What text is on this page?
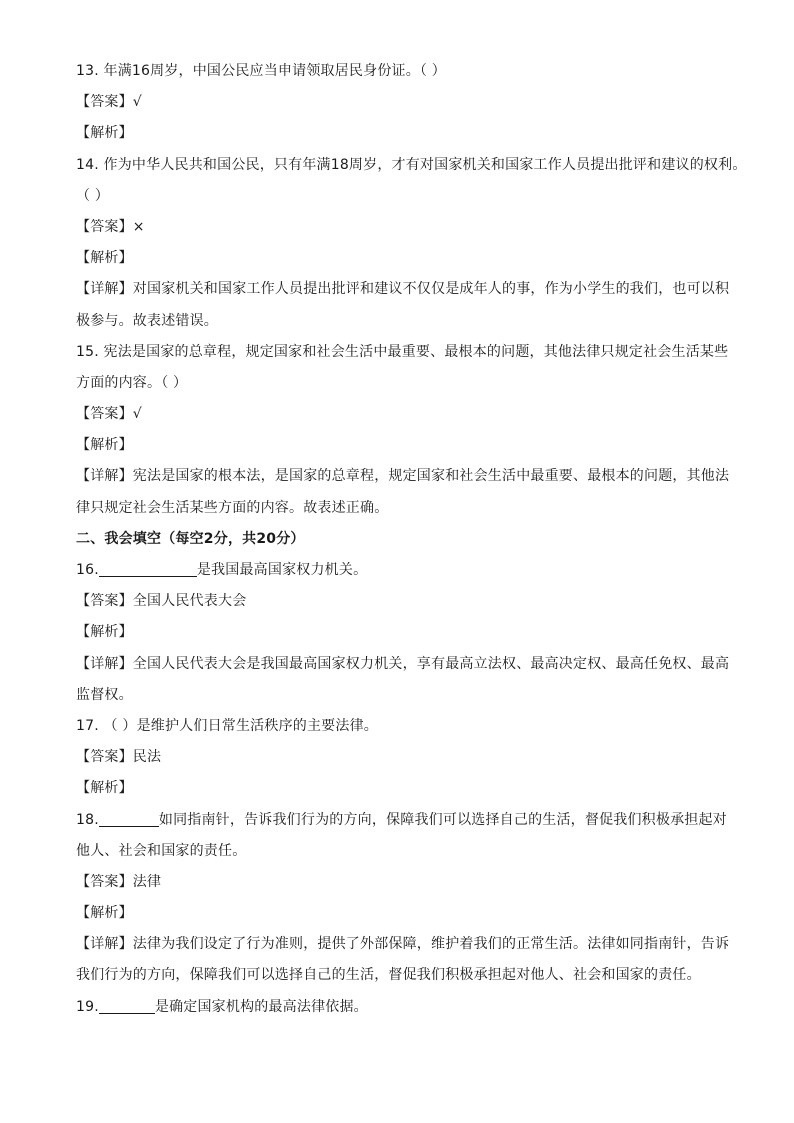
13. 年满16周岁，中国公民应当申请领取居民身份证。（ ）
【答案】√
【解析】
14. 作为中华人民共和国公民，只有年满18周岁，才有对国家机关和国家工作人员提出批评和建议的权利。
（ ）
【答案】×
【解析】
【详解】对国家机关和国家工作人员提出批评和建议不仅仅是成年人的事，作为小学生的我们，也可以积
极参与。故表述错误。
15. 宪法是国家的总章程，规定国家和社会生活中最重要、最根本的问题，其他法律只规定社会生活某些
方面的内容。（ ）
【答案】√
【解析】
【详解】宪法是国家的根本法，是国家的总章程，规定国家和社会生活中最重要、最根本的问题，其他法
律只规定社会生活某些方面的内容。故表述正确。
二、我会填空（每空2分，共20分）
16.	是我国最高国家权力机关。
【答案】全国人民代表大会
【解析】
【详解】全国人民代表大会是我国最高国家权力机关，享有最高立法权、最高决定权、最高任免权、最高
监督权。
17. （ ）是维护人们日常生活秩序的主要法律。
【答案】民法
【解析】
18.	如同指南针，告诉我们行为的方向，保障我们可以选择自己的生活，督促我们积极承担起对
他人、社会和国家的责任。
【答案】法律
【解析】
【详解】法律为我们设定了行为准则，提供了外部保障，维护着我们的正常生活。法律如同指南针，告诉
我们行为的方向，保障我们可以选择自己的生活，督促我们积极承担起对他人、社会和国家的责任。
19.	是确定国家机构的最高法律依据。
